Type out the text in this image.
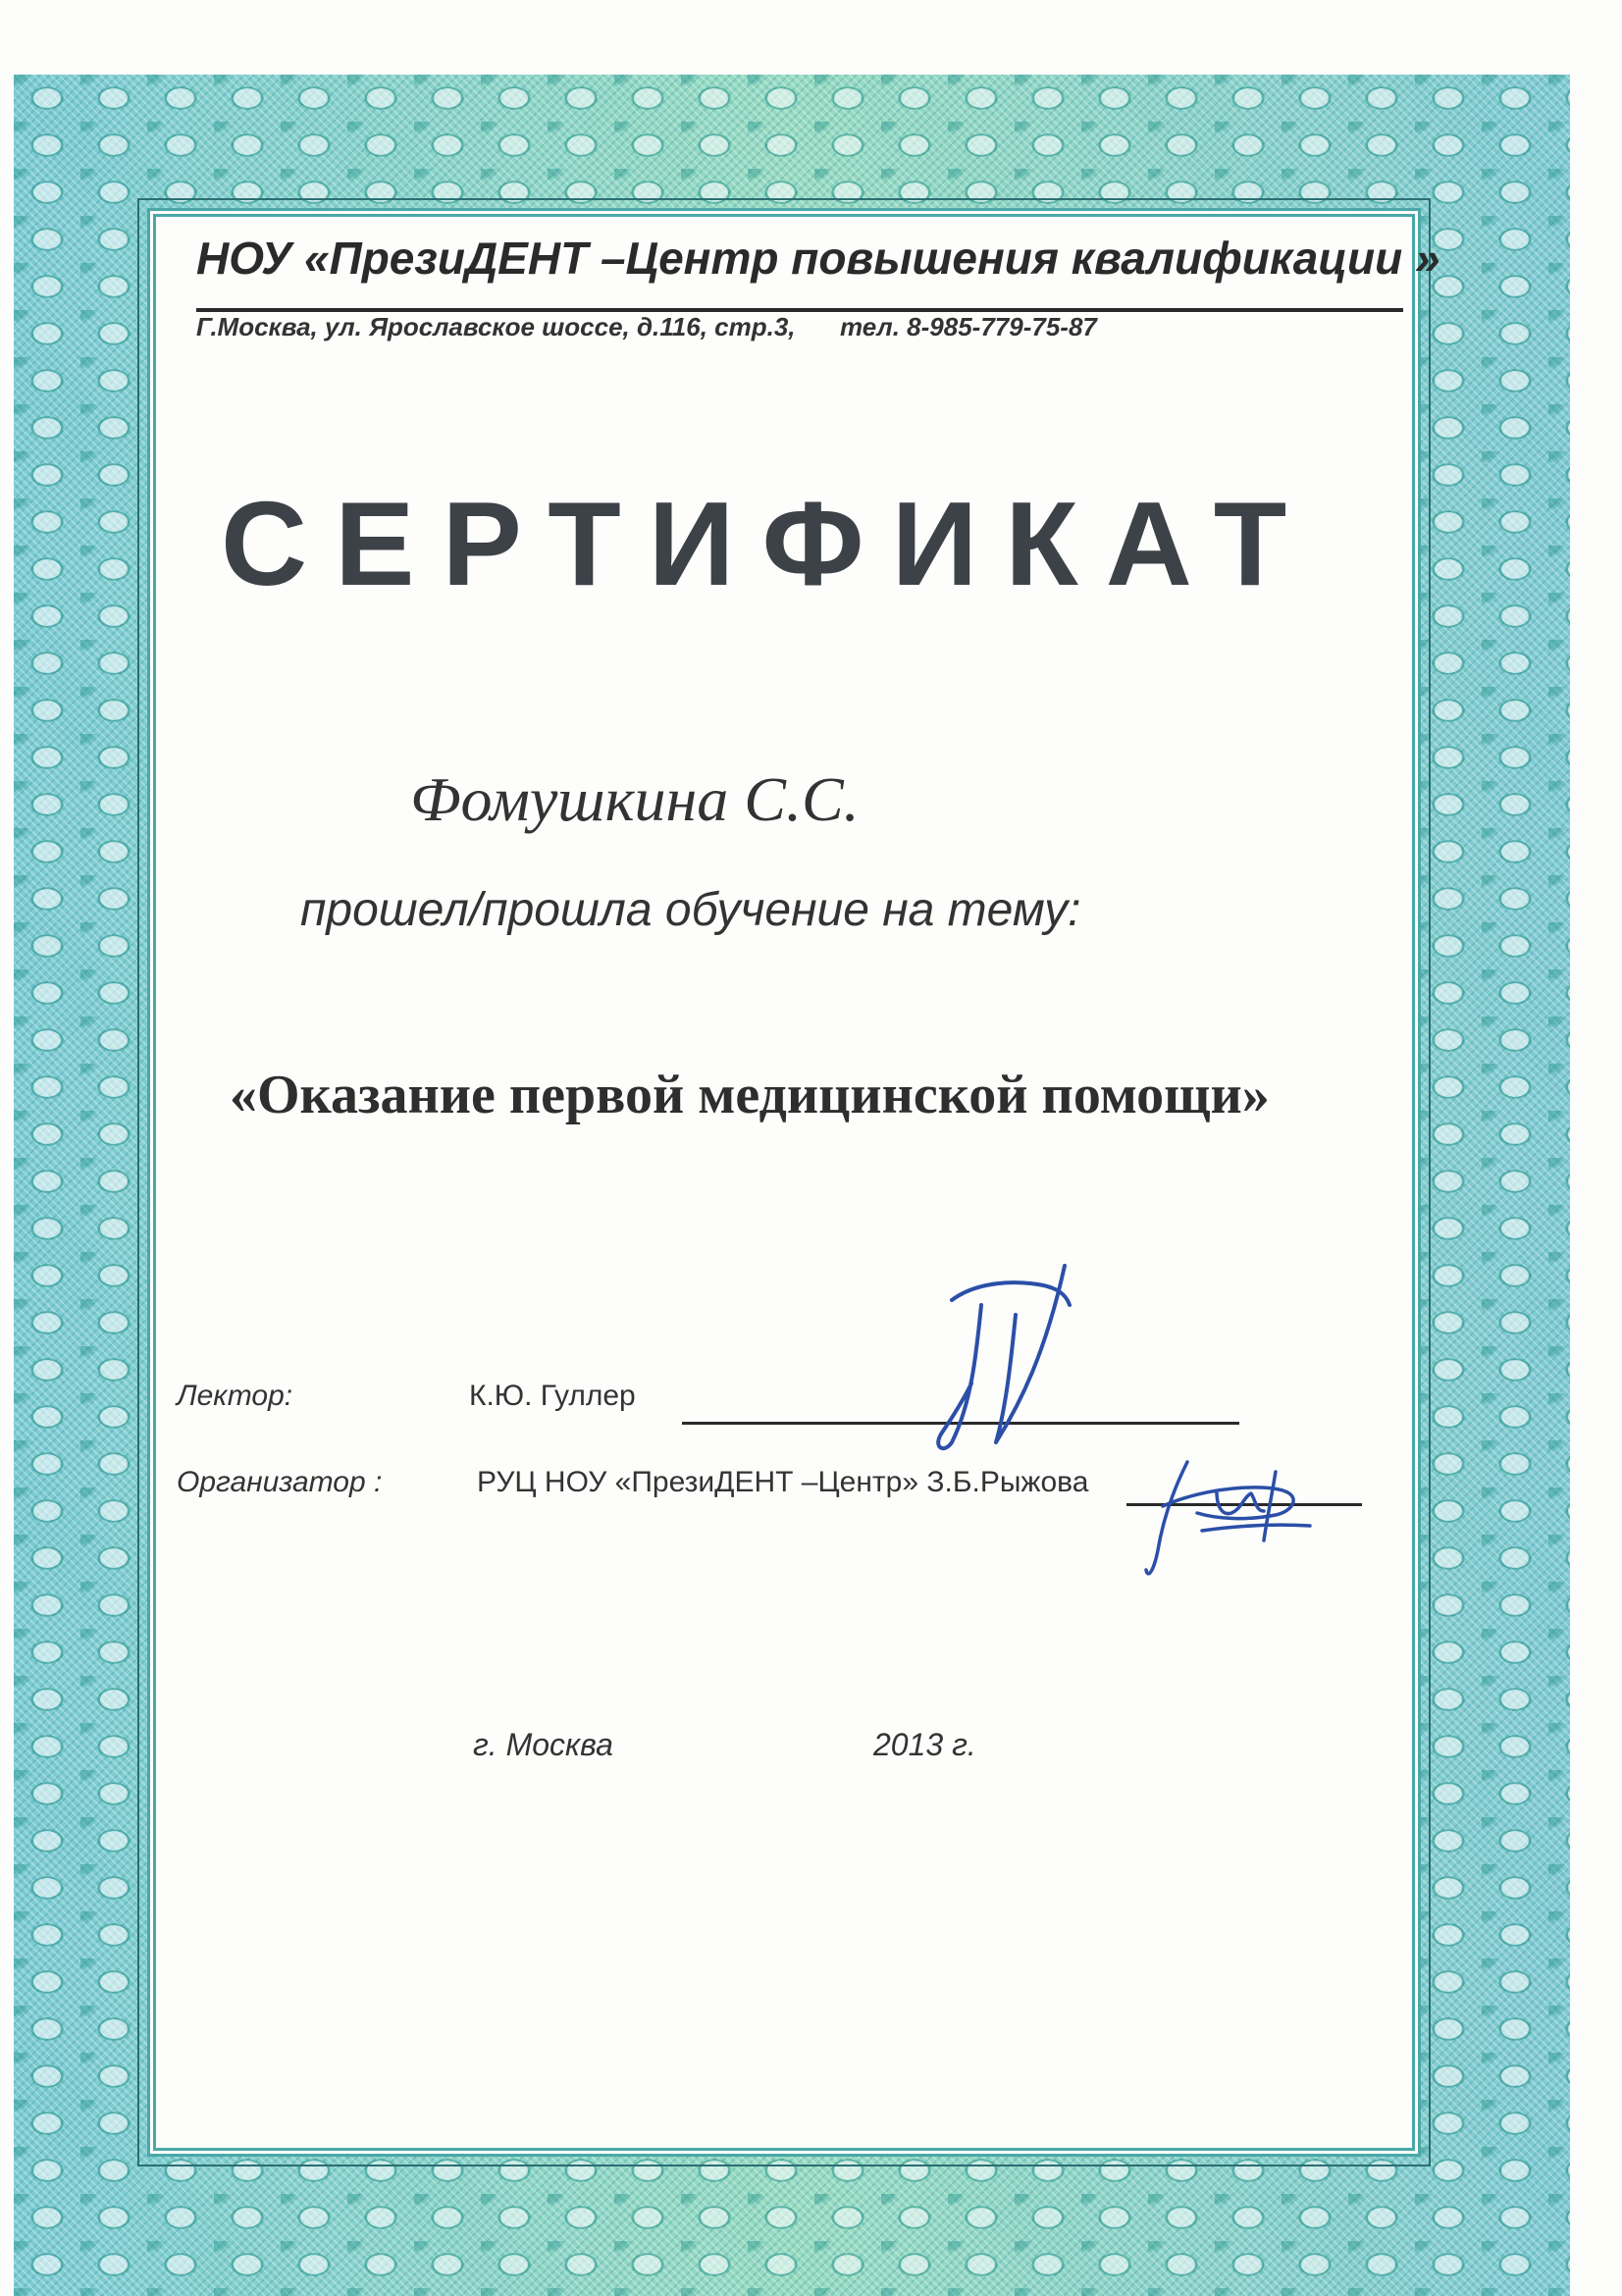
НОУ «ПрезиДЕНТ –Центр повышения квалификации »
Г.Москва, ул. Ярославское шоссе, д.116, стр.3, тел. 8-985-779-75-87
СЕРТИФИКАТ
Фомушкина С.С.
прошел/прошла обучение на тему:
«Оказание первой медицинской помощи»
Лектор:	К.Ю. Гуллер
Организатор :	РУЦ НОУ «ПрезиДЕНТ –Центр» З.Б.Рыжова
г. Москва	2013 г.
